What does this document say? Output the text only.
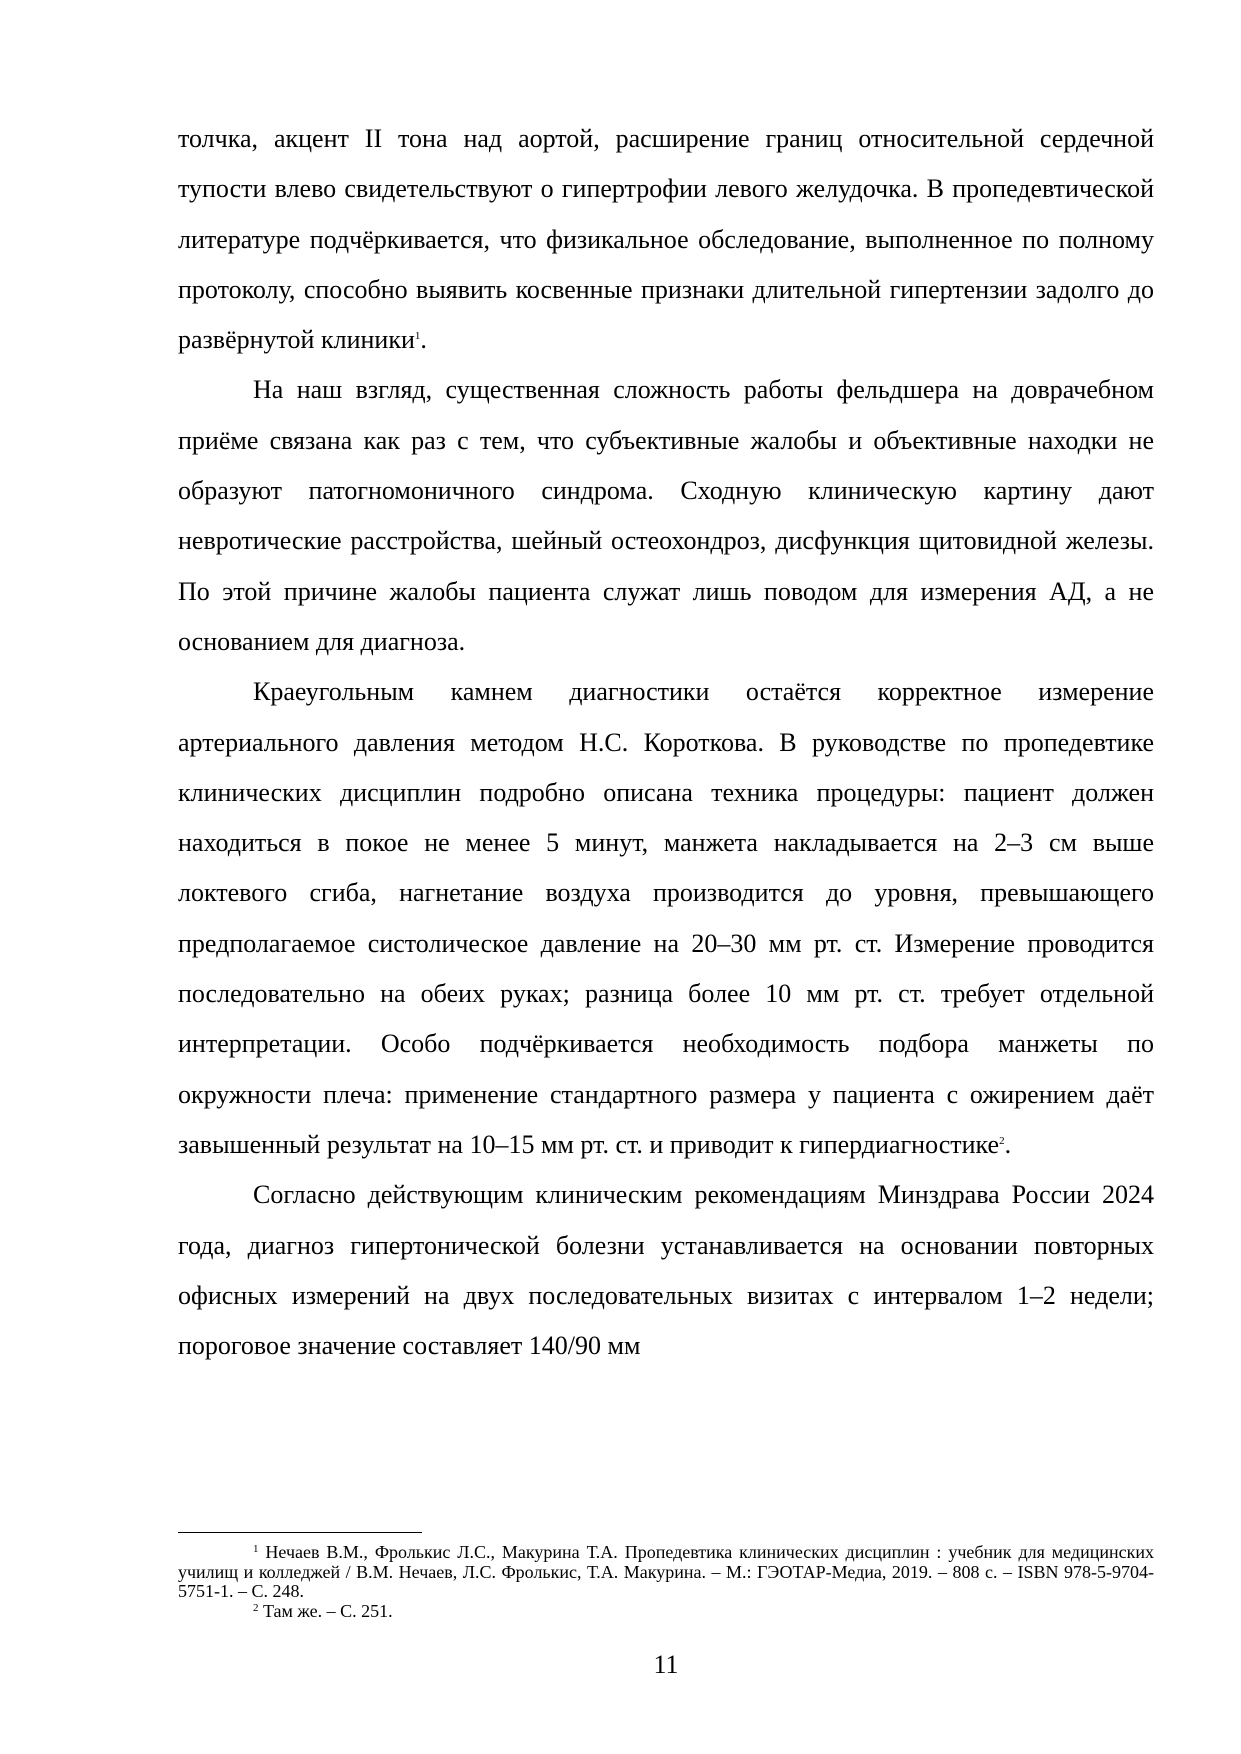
толчка, акцент II тона над аортой, расширение границ относительной сердечной тупости влево свидетельствуют о гипертрофии левого желудочка. В пропедевтической литературе подчёркивается, что физикальное обследование, выполненное по полному протоколу, способно выявить косвенные признаки длительной гипертензии задолго до развёрнутой клиники$^1$.

На наш взгляд, существенная сложность работы фельдшера на доврачебном приёме связана как раз с тем, что субъективные жалобы и объективные находки не образуют патогномоничного синдрома. Сходную клиническую картину дают невротические расстройства, шейный остеохондроз, дисфункция щитовидной железы. По этой причине жалобы пациента служат лишь поводом для измерения АД, а не основанием для диагноза.

Краеугольным камнем диагностики остаётся корректное измерение артериального давления методом Н.С. Короткова. В руководстве по пропедевтике клинических дисциплин подробно описана техника процедуры: пациент должен находиться в покое не менее 5 минут, манжета накладывается на 2–3 см выше локтевого сгиба, нагнетание воздуха производится до уровня, превышающего предполагаемое систолическое давление на 20–30 мм рт. ст. Измерение проводится последовательно на обеих руках; разница более 10 мм рт. ст. требует отдельной интерпретации. Особо подчёркивается необходимость подбора манжеты по окружности плеча: применение стандартного размера у пациента с ожирением даёт завышенный результат на 10–15 мм рт. ст. и приводит к гипердиагностике$^2$.

Согласно действующим клиническим рекомендациям Минздрава России 2024 года, диагноз гипертонической болезни устанавливается на основании повторных офисных измерений на двух последовательных визитах с интервалом 1–2 недели; пороговое значение составляет 140/90 мм

$^1$ Нечаев В.М., Фролькис Л.С., Макурина Т.А. Пропедевтика клинических дисциплин : учебник для медицинских училищ и колледжей / В.М. Нечаев, Л.С. Фролькис, Т.А. Макурина. – М.: ГЭОТАР-Медиа, 2019. – 808 с. – ISBN 978-5-9704-5751-1. – С. 248.

$^2$ Там же. – С. 251.

11
